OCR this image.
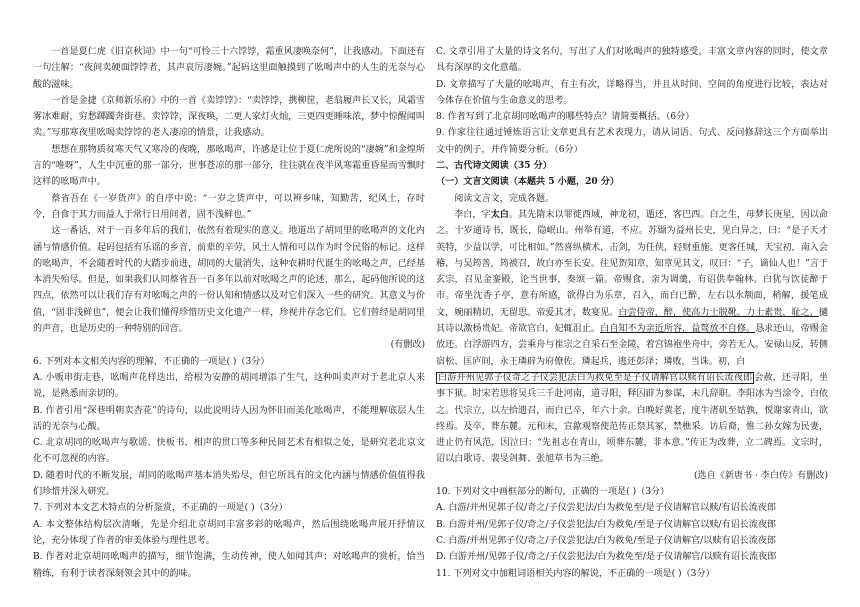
一首是夏仁虎《旧京秋词》中一句“可怜三十六饽饽，霜重风凄唤奈何”，让我感动。下面还有一句注解：“夜间卖硬面饽饽者，其声哀厉凄婉。”起码这里面触摸到了吆喝声中的人生的无奈与心酸的滋味。

一首是金捷《京师新乐府》中的一首《卖饽饽》：“卖饽饽，携柳筐，老翁履声长又长，风霜雪雾冰难耐，穷愁踯躅奔街巷。卖饽饽，深夜唤，二更人家灯火灿，三更四更睡味浓，梦中惊醒闻叫卖。”写那寒夜里吆喝卖饽饽的老人凄凉的情景，让我感动。

想想在那物质贫寒天气又寒冷的夜晚，那吆喝声，许感是让位于夏仁虎所说的“凄婉”和金煌所言的“唯呀”，人生中沉重的那一部分，世事苍凉的那一部分，往往就在夜半风寒霜重昏星而雪飘时这样的吆喝声中。

蔡省吾在《一岁货声》的自序中说：“一岁之货声中，可以辨乡味，知勤苦，纪风土，存时令，自食于其力而益人于常行日用间者，固不浅鲜也。”

这一番话，对于一百多年后的我们，依然有着现实的意义。地道出了胡同里的吆喝声的文化内涵与情感价值。起码包括有乐谣的乡音，前辈的辛劳，风土人情和可以作为时令民俗的标记。这样的吆喝声，不会随着时代的大踏步前进，胡同的大量消失，这种农耕时代诞生的吆喝之声，已经基本消失殆尽。但是，如果我们认同蔡省吾一百多年以前对吆喝之声的论述，那么，起码他所说的这四点，依然可以让我们存有对吆喝之声的一份认知和情感以及对它们深入一些的研究。其意义与价值，“固非浅鲜也”，便会让我们懂得珍惜历史文化遗产一样，珍视并存念它们。它们曾经是胡同里的声音，也是历史的一种特别的回音。

(有删改)

6. 下列对本文相关内容的理解，不正确的一项是( )（3分）

A. 小贩串街走巷，吆喝声花样迭出，给根为安静的胡同增添了生气，这种叫卖声对于老北京人来说，是熟悉而亲切的。

B. 作者引用“深巷明朝卖杏花”的诗句，以此说明诗人因为怀旧而美化吆喝声，不能理解底层人生活的无奈与心酸。

C. 北京胡同的吆喝声与歌谣、快板书、相声的贯口等多种民间艺术有相似之处，是研究老北京文化不可忽视的内容。

D. 随着时代的不断发展，胡同的吆喝声基本消失殆尽，但它所具有的文化内涵与情感价值值得我们珍惜并深入研究。

7. 下列对本文艺术特点的分析鉴赏，不正确的一项是( )（3分）

A. 本文整体结构层次清晰，先是介绍北京胡同丰富多彩的吆喝声，然后围绕吆喝声展开抒情议论，充分体现了作者的审美体验与理性思考。

B. 作者对北京胡同吆喝声的描写，细节饱满，生动传神，使人如闻其声；对吆喝声的赏析，恰当精练，有利于读者深刻领会其中的韵味。

C. 文章引用了大量的诗文名句，写出了人们对吆喝声的独特感受，丰富文章内容的同时，使文章具有深厚的文化意蕴。

D. 文章描写了大量的吆喝声，有主有次，详略得当，并且从时间、空间的角度进行比较，表达对今体存在价值与生命意义的思考。

8. 作者写到了北京胡同吆喝声的哪些特点？请简要概括。（6分）

9. 作家往往通过锤炼语言让文章更具有艺术表现力，请从词语、句式、反问修辞这三个方面举出文中的例子，并作简要分析。（6分）

二、古代诗文阅读（35 分）

（一）文言文阅读（本题共 5 小题，20 分）

阅读文言文，完成各题。

李白，字太白。其先隋末以罪徙西域，神龙初，遁还，客巴西。白之生，母梦长庚星，因以命之。十岁通诗书，既长，隐岷山。州举有道，不应。苏颋为益州长史，见白异之，曰：“是子天才英特，少益以学，可比相如。”然喜纵横术，击剑，为任侠，轻财重施。更客任城，天宝初，南入会稽，与吴筠善，筠被召，故白亦至长安。往见贺知章，知章见其文，叹曰：“子，谪仙人也！”言于玄宗，召见金銮殿，论当世事，奏颂一篇。帝赐食，亲为调羹，有诏供奉翰林。白犹与饮徒醉于市。帝坐沈香子亭，意有所感，欲得白为乐章，召入，而白已醉，左右以水颒面，稍解，援笔成文，婉丽精切，无留思。帝爱其才，数宴见。白尝侍帝，醉，使高力士脱靴。力士素贵，耻之，擿其诗以激杨贵妃。帝欲官白，妃辄沮止。白自知不为亲近所容，益骜放不自修。恳求还山，帝赐金放还。白浮游四方，尝乘舟与崔宗之自采石至金陵，着宫锦袍坐舟中，旁若无人。安禄山反，转侧宿松、匡庐间，永王璘辟为府僚佐。璘起兵，逃还彭泽；璘败，当诛。初，白

白游并州见郭子仪奇之子仪尝犯法白为救免至是子仪请解官以赎有诏长流夜郎 会赦，还寻阳，坐事下狱。时宋若思将吴兵三千赴河南，道寻阳，释囚辟为参谋，未几辞职。李阳冰为当涂令，白依之。代宗立，以左拾遗召，而白已卒，年六十余。白晚好黄老，度牛渚矶至姑孰，悦谢家青山，欲终焉。及卒，葬东麓。元和末，宣歙观察使范传正祭其冢，禁樵采。访后裔，惟二孙女嫁为民妻，进止仍有风范，因泣曰：“先祖志在青山，顷葬东麓，非本意。”传正为改葬，立二碑焉。文宗时，诏以白歌诗、裴旻剑舞、张旭草书为三绝。

(选自《新唐书 · 李白传》有删改)

10. 下列对文中画框部分的断句，正确的一项是( )（3分）

A. 白游/并州见郭子仪/奇之/子仪尝犯法/白为救免至/是子仪请解官以赎/有诏长流夜郎

B. 白游并州/见郭子仪/奇之/子仪尝犯法/白为救免/至是子仪请解官以赎/有诏长流夜郎

C. 白游/并州见郭子仪/奇之/子仪尝犯法/白为救免/至是子仪请解官/以赎有诏长流夜郎

D. 白游并州/见郭子仪/奇之/子仪尝犯法/白为救免至/是子仪请解官/以赎有诏长流夜郎

11. 下列对文中加粗词语相关内容的解说，不正确的一项是( )（3分）
